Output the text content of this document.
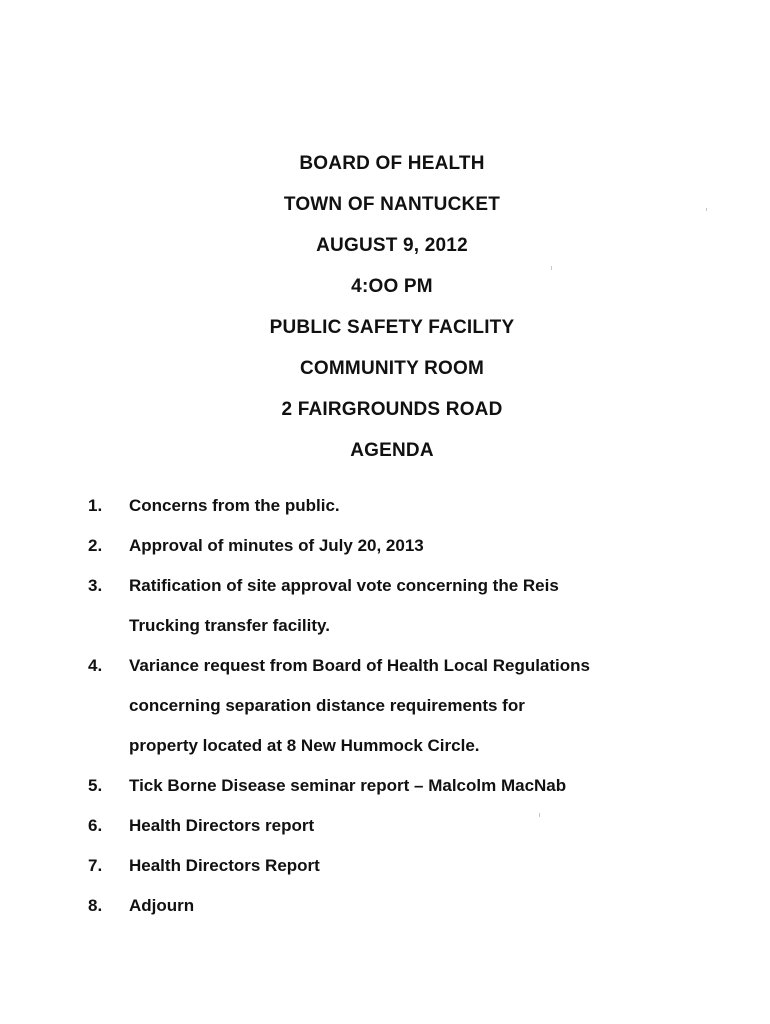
BOARD OF HEALTH
TOWN OF NANTUCKET
AUGUST 9, 2012
4:OO PM
PUBLIC SAFETY FACILITY
COMMUNITY ROOM
2 FAIRGROUNDS ROAD
AGENDA
1.	Concerns from the public.
2.	Approval of minutes of July 20, 2013
3.	Ratification of site approval vote concerning the Reis
Trucking transfer facility.
4.	Variance request from Board of Health Local Regulations
concerning separation distance requirements for
property located at 8 New Hummock Circle.
5.	Tick Borne Disease seminar report – Malcolm MacNab
6.	Health Directors report
7.	Health Directors Report
8.	Adjourn
